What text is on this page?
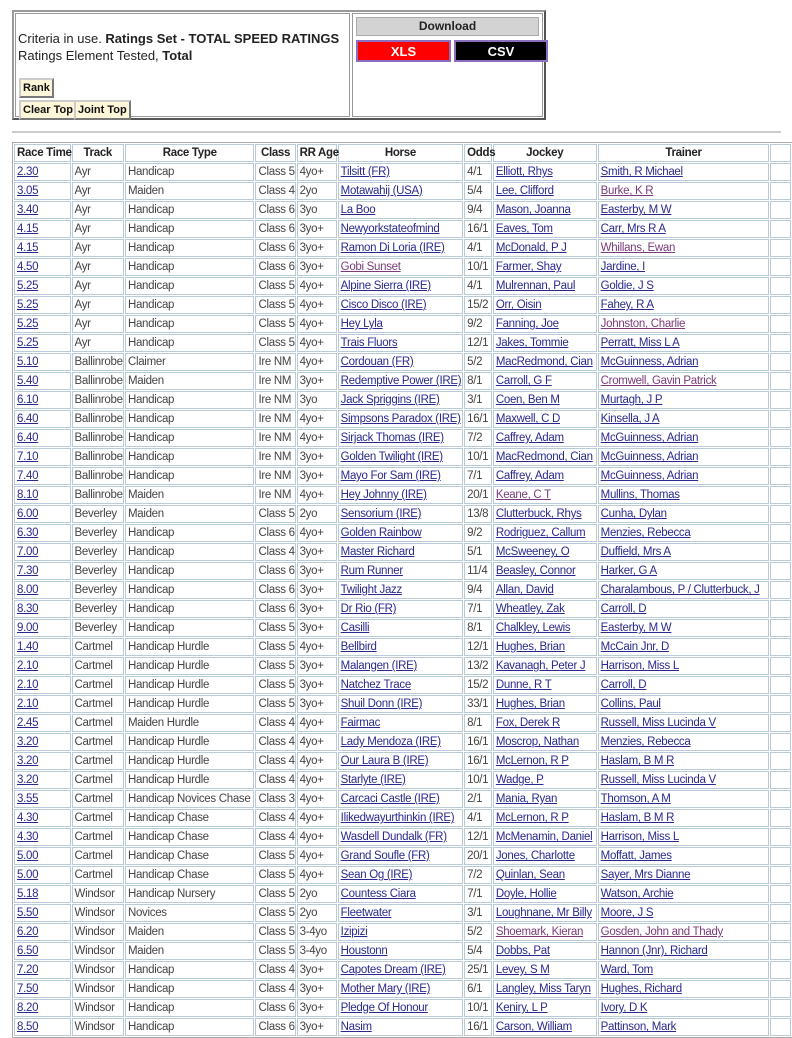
Criteria in use. Ratings Set - TOTAL SPEED RATINGS
Ratings Element Tested, Total
Rank
Clear Top Joint Top
Download
XLS	CSV
Race Time	Track	Race Type	Class	RR Age	Horse	Odds	Jockey	Trainer	
2.30	Ayr	Handicap	Class 5	4yo+	Tilsitt (FR)	4/1	Elliott, Rhys	Smith, R Michael	
3.05	Ayr	Maiden	Class 4	2yo	Motawahij (USA)	5/4	Lee, Clifford	Burke, K R	
3.40	Ayr	Handicap	Class 6	3yo	La Boo	9/4	Mason, Joanna	Easterby, M W	
4.15	Ayr	Handicap	Class 6	3yo+	Newyorkstateofmind	16/1	Eaves, Tom	Carr, Mrs R A	
4.15	Ayr	Handicap	Class 6	3yo+	Ramon Di Loria (IRE)	4/1	McDonald, P J	Whillans, Ewan	
4.50	Ayr	Handicap	Class 6	3yo+	Gobi Sunset	10/1	Farmer, Shay	Jardine, I	
5.25	Ayr	Handicap	Class 5	4yo+	Alpine Sierra (IRE)	4/1	Mulrennan, Paul	Goldie, J S	
5.25	Ayr	Handicap	Class 5	4yo+	Cisco Disco (IRE)	15/2	Orr, Oisin	Fahey, R A	
5.25	Ayr	Handicap	Class 5	4yo+	Hey Lyla	9/2	Fanning, Joe	Johnston, Charlie	
5.25	Ayr	Handicap	Class 5	4yo+	Trais Fluors	12/1	Jakes, Tommie	Perratt, Miss L A	
5.10	Ballinrobe	Claimer	Ire NM	4yo+	Cordouan (FR)	5/2	MacRedmond, Cian	McGuinness, Adrian	
5.40	Ballinrobe	Maiden	Ire NM	3yo+	Redemptive Power (IRE)	8/1	Carroll, G F	Cromwell, Gavin Patrick	
6.10	Ballinrobe	Handicap	Ire NM	3yo	Jack Spriggins (IRE)	3/1	Coen, Ben M	Murtagh, J P	
6.40	Ballinrobe	Handicap	Ire NM	4yo+	Simpsons Paradox (IRE)	16/1	Maxwell, C D	Kinsella, J A	
6.40	Ballinrobe	Handicap	Ire NM	4yo+	Sirjack Thomas (IRE)	7/2	Caffrey, Adam	McGuinness, Adrian	
7.10	Ballinrobe	Handicap	Ire NM	3yo+	Golden Twilight (IRE)	10/1	MacRedmond, Cian	McGuinness, Adrian	
7.40	Ballinrobe	Handicap	Ire NM	3yo+	Mayo For Sam (IRE)	7/1	Caffrey, Adam	McGuinness, Adrian	
8.10	Ballinrobe	Maiden	Ire NM	4yo+	Hey Johnny (IRE)	20/1	Keane, C T	Mullins, Thomas	
6.00	Beverley	Maiden	Class 5	2yo	Sensorium (IRE)	13/8	Clutterbuck, Rhys	Cunha, Dylan	
6.30	Beverley	Handicap	Class 6	4yo+	Golden Rainbow	9/2	Rodriguez, Callum	Menzies, Rebecca	
7.00	Beverley	Handicap	Class 4	3yo+	Master Richard	5/1	McSweeney, O	Duffield, Mrs A	
7.30	Beverley	Handicap	Class 6	3yo+	Rum Runner	11/4	Beasley, Connor	Harker, G A	
8.00	Beverley	Handicap	Class 6	3yo+	Twilight Jazz	9/4	Allan, David	Charalambous, P / Clutterbuck, J	
8.30	Beverley	Handicap	Class 6	3yo+	Dr Rio (FR)	7/1	Wheatley, Zak	Carroll, D	
9.00	Beverley	Handicap	Class 5	3yo+	Casilli	8/1	Chalkley, Lewis	Easterby, M W	
1.40	Cartmel	Handicap Hurdle	Class 5	4yo+	Bellbird	12/1	Hughes, Brian	McCain Jnr, D	
2.10	Cartmel	Handicap Hurdle	Class 5	3yo+	Malangen (IRE)	13/2	Kavanagh, Peter J	Harrison, Miss L	
2.10	Cartmel	Handicap Hurdle	Class 5	3yo+	Natchez Trace	15/2	Dunne, R T	Carroll, D	
2.10	Cartmel	Handicap Hurdle	Class 5	3yo+	Shuil Donn (IRE)	33/1	Hughes, Brian	Collins, Paul	
2.45	Cartmel	Maiden Hurdle	Class 4	4yo+	Fairmac	8/1	Fox, Derek R	Russell, Miss Lucinda V	
3.20	Cartmel	Handicap Hurdle	Class 4	4yo+	Lady Mendoza (IRE)	16/1	Moscrop, Nathan	Menzies, Rebecca	
3.20	Cartmel	Handicap Hurdle	Class 4	4yo+	Our Laura B (IRE)	16/1	McLernon, R P	Haslam, B M R	
3.20	Cartmel	Handicap Hurdle	Class 4	4yo+	Starlyte (IRE)	10/1	Wadge, P	Russell, Miss Lucinda V	
3.55	Cartmel	Handicap Novices Chase	Class 3	4yo+	Carcaci Castle (IRE)	2/1	Mania, Ryan	Thomson, A M	
4.30	Cartmel	Handicap Chase	Class 4	4yo+	Ilikedwayurthinkin (IRE)	4/1	McLernon, R P	Haslam, B M R	
4.30	Cartmel	Handicap Chase	Class 4	4yo+	Wasdell Dundalk (FR)	12/1	McMenamin, Daniel	Harrison, Miss L	
5.00	Cartmel	Handicap Chase	Class 5	4yo+	Grand Soufle (FR)	20/1	Jones, Charlotte	Moffatt, James	
5.00	Cartmel	Handicap Chase	Class 5	4yo+	Sean Og (IRE)	7/2	Quinlan, Sean	Sayer, Mrs Dianne	
5.18	Windsor	Handicap Nursery	Class 5	2yo	Countess Ciara	7/1	Doyle, Hollie	Watson, Archie	
5.50	Windsor	Novices	Class 5	2yo	Fleetwater	3/1	Loughnane, Mr Billy	Moore, J S	
6.20	Windsor	Maiden	Class 5	3-4yo	Izipizi	5/2	Shoemark, Kieran	Gosden, John and Thady	
6.50	Windsor	Maiden	Class 5	3-4yo	Houstonn	5/4	Dobbs, Pat	Hannon (Jnr), Richard	
7.20	Windsor	Handicap	Class 4	3yo+	Capotes Dream (IRE)	25/1	Levey, S M	Ward, Tom	
7.50	Windsor	Handicap	Class 4	3yo+	Mother Mary (IRE)	6/1	Langley, Miss Taryn	Hughes, Richard	
8.20	Windsor	Handicap	Class 6	3yo+	Pledge Of Honour	10/1	Keniry, L P	Ivory, D K	
8.50	Windsor	Handicap	Class 6	3yo+	Nasim	16/1	Carson, William	Pattinson, Mark	
